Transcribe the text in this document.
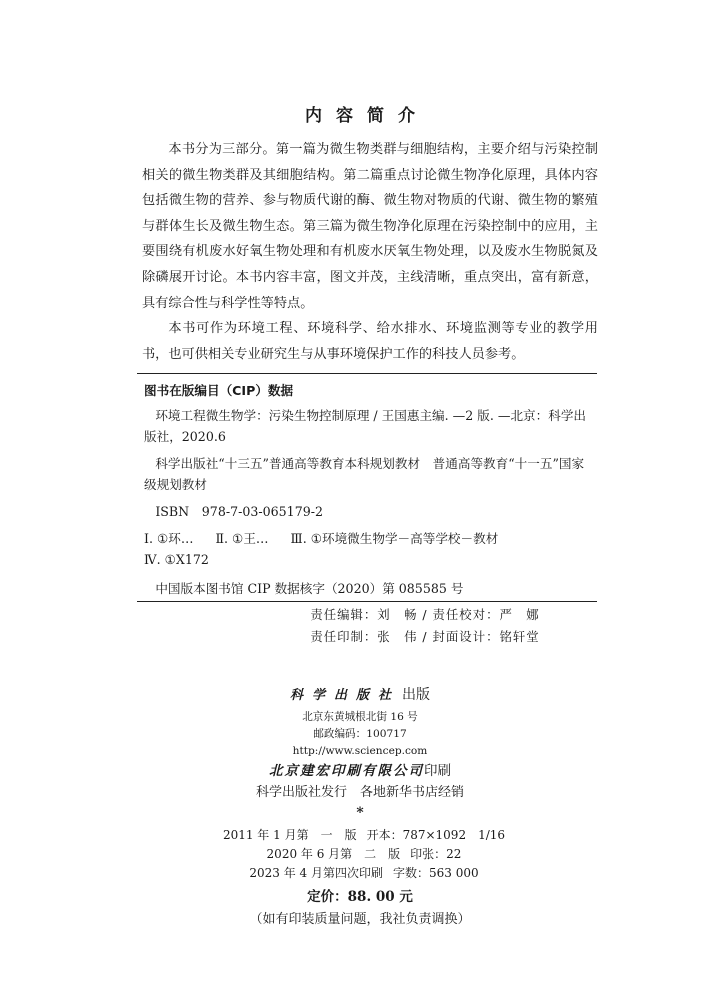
内容简介

本书分为三部分。第一篇为微生物类群与细胞结构，主要介绍与污染控制相关的微生物类群及其细胞结构。第二篇重点讨论微生物净化原理，具体内容包括微生物的营养、参与物质代谢的酶、微生物对物质的代谢、微生物的繁殖与群体生长及微生物生态。第三篇为微生物净化原理在污染控制中的应用，主要围绕有机废水好氧生物处理和有机废水厌氧生物处理，以及废水生物脱氮及除磷展开讨论。本书内容丰富，图文并茂，主线清晰，重点突出，富有新意，具有综合性与科学性等特点。

本书可作为环境工程、环境科学、给水排水、环境监测等专业的教学用书，也可供相关专业研究生与从事环境保护工作的科技人员参考。

图书在版编目（CIP）数据
环境工程微生物学：污染生物控制原理 / 王国惠主编. —2 版. —北京：科学出版社，2020.6
科学出版社“十三五”普通高等教育本科规划教材　普通高等教育“十一五”国家级规划教材
ISBN　978-7-03-065179-2
Ⅰ. ①环… Ⅱ. ①王… Ⅲ. ①环境微生物学－高等学校－教材
Ⅳ. ①X172
中国版本图书馆 CIP 数据核字（2020）第 085585 号
责任编辑：刘　畅 / 责任校对：严　娜
责任印制：张　伟 / 封面设计：铭轩堂
科学出版社 出版
北京东黄城根北街 16 号
邮政编码：100717
http://www.sciencep.com
北京建宏印刷有限公司印刷
科学出版社发行　各地新华书店经销
*
2011 年 1 月第　一　版 开本：787×1092　1/16
2020 年 6 月第　二　版 印张：22
2023 年 4 月第四次印刷 字数：563 000
定价：88. 00 元
（如有印装质量问题，我社负责调换）
